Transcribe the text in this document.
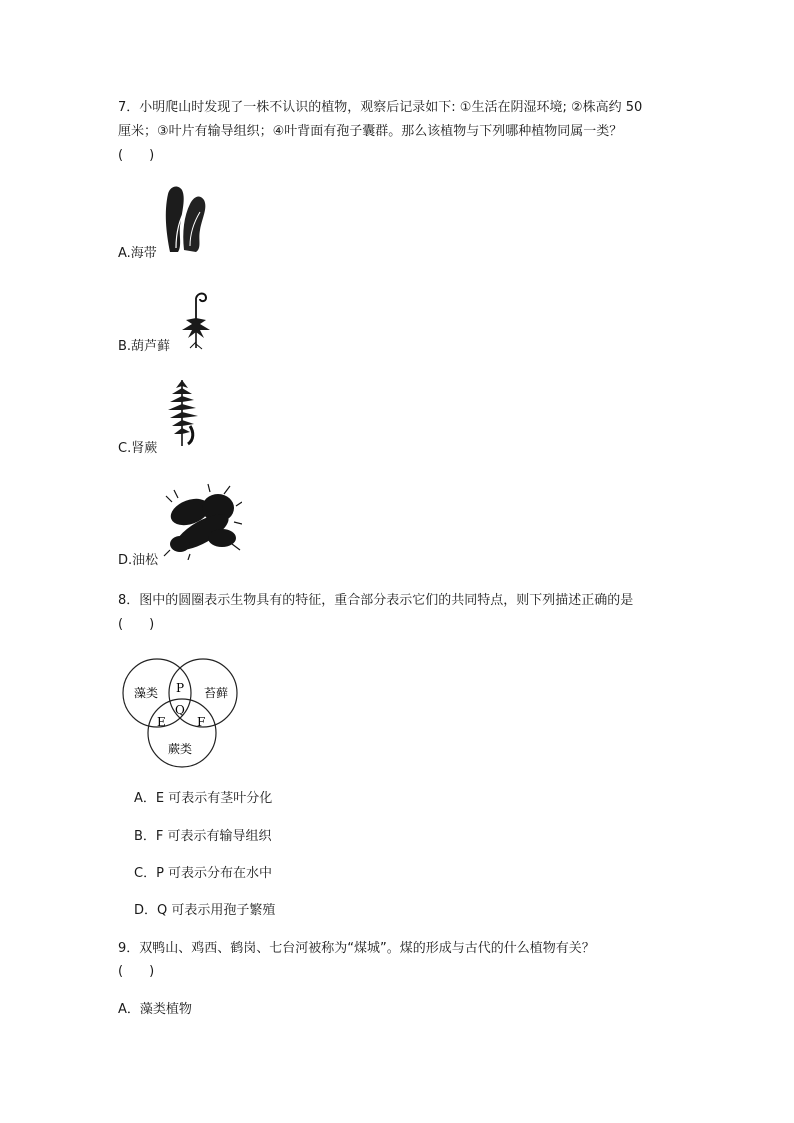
7．小明爬山时发现了一株不认识的植物，观察后记录如下: ①生活在阴湿环境; ②株高约 50
厘米；③叶片有输导组织；④叶背面有孢子囊群。那么该植物与下列哪种植物同属一类？
(　　)
A.海带
B.葫芦藓
C.肾蕨
D.油松
8．图中的圆圈表示生物具有的特征，重合部分表示它们的共同特点，则下列描述正确的是
(　　)
藻类	苔藓
蕨类
P
Q
E	F
A．E 可表示有茎叶分化
B．F 可表示有输导组织
C．P 可表示分布在水中
D．Q 可表示用孢子繁殖
9．双鸭山、鸡西、鹤岗、七台河被称为“煤城”。煤的形成与古代的什么植物有关？
(　　)
A．藻类植物
